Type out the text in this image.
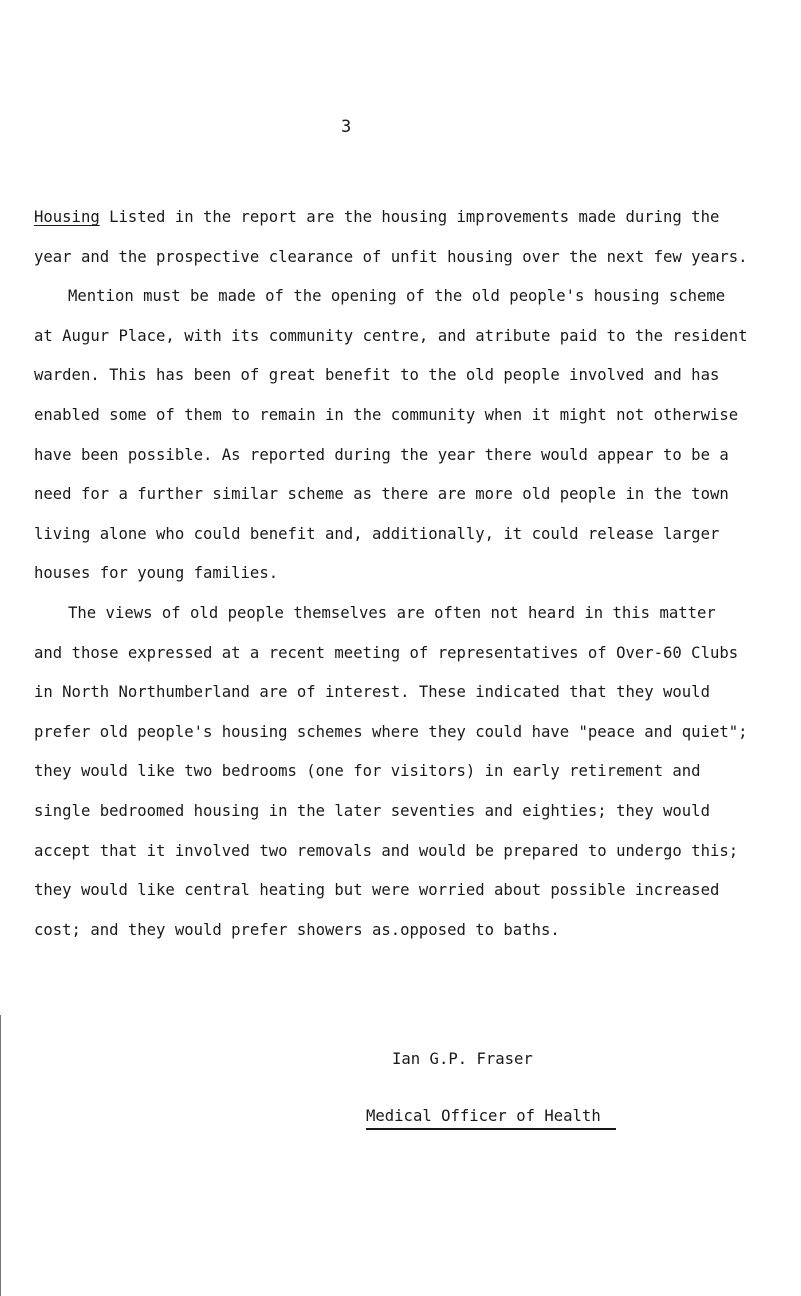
3
Housing Listed in the report are the housing improvements made during the
year and the prospective clearance of unfit housing over the next few years.
Mention must be made of the opening of the old people's housing scheme
at Augur Place, with its community centre, and atribute paid to the resident
warden. This has been of great benefit to the old people involved and has
enabled some of them to remain in the community when it might not otherwise
have been possible. As reported during the year there would appear to be a
need for a further similar scheme as there are more old people in the town
living alone who could benefit and, additionally, it could release larger
houses for young families.
The views of old people themselves are often not heard in this matter
and those expressed at a recent meeting of representatives of Over-60 Clubs
in North Northumberland are of interest. These indicated that they would
prefer old people's housing schemes where they could have "peace and quiet";
they would like two bedrooms (one for visitors) in early retirement and
single bedroomed housing in the later seventies and eighties; they would
accept that it involved two removals and would be prepared to undergo this;
they would like central heating but were worried about possible increased
cost; and they would prefer showers as.opposed to baths.
Ian G.P. Fraser
Medical Officer of Health
